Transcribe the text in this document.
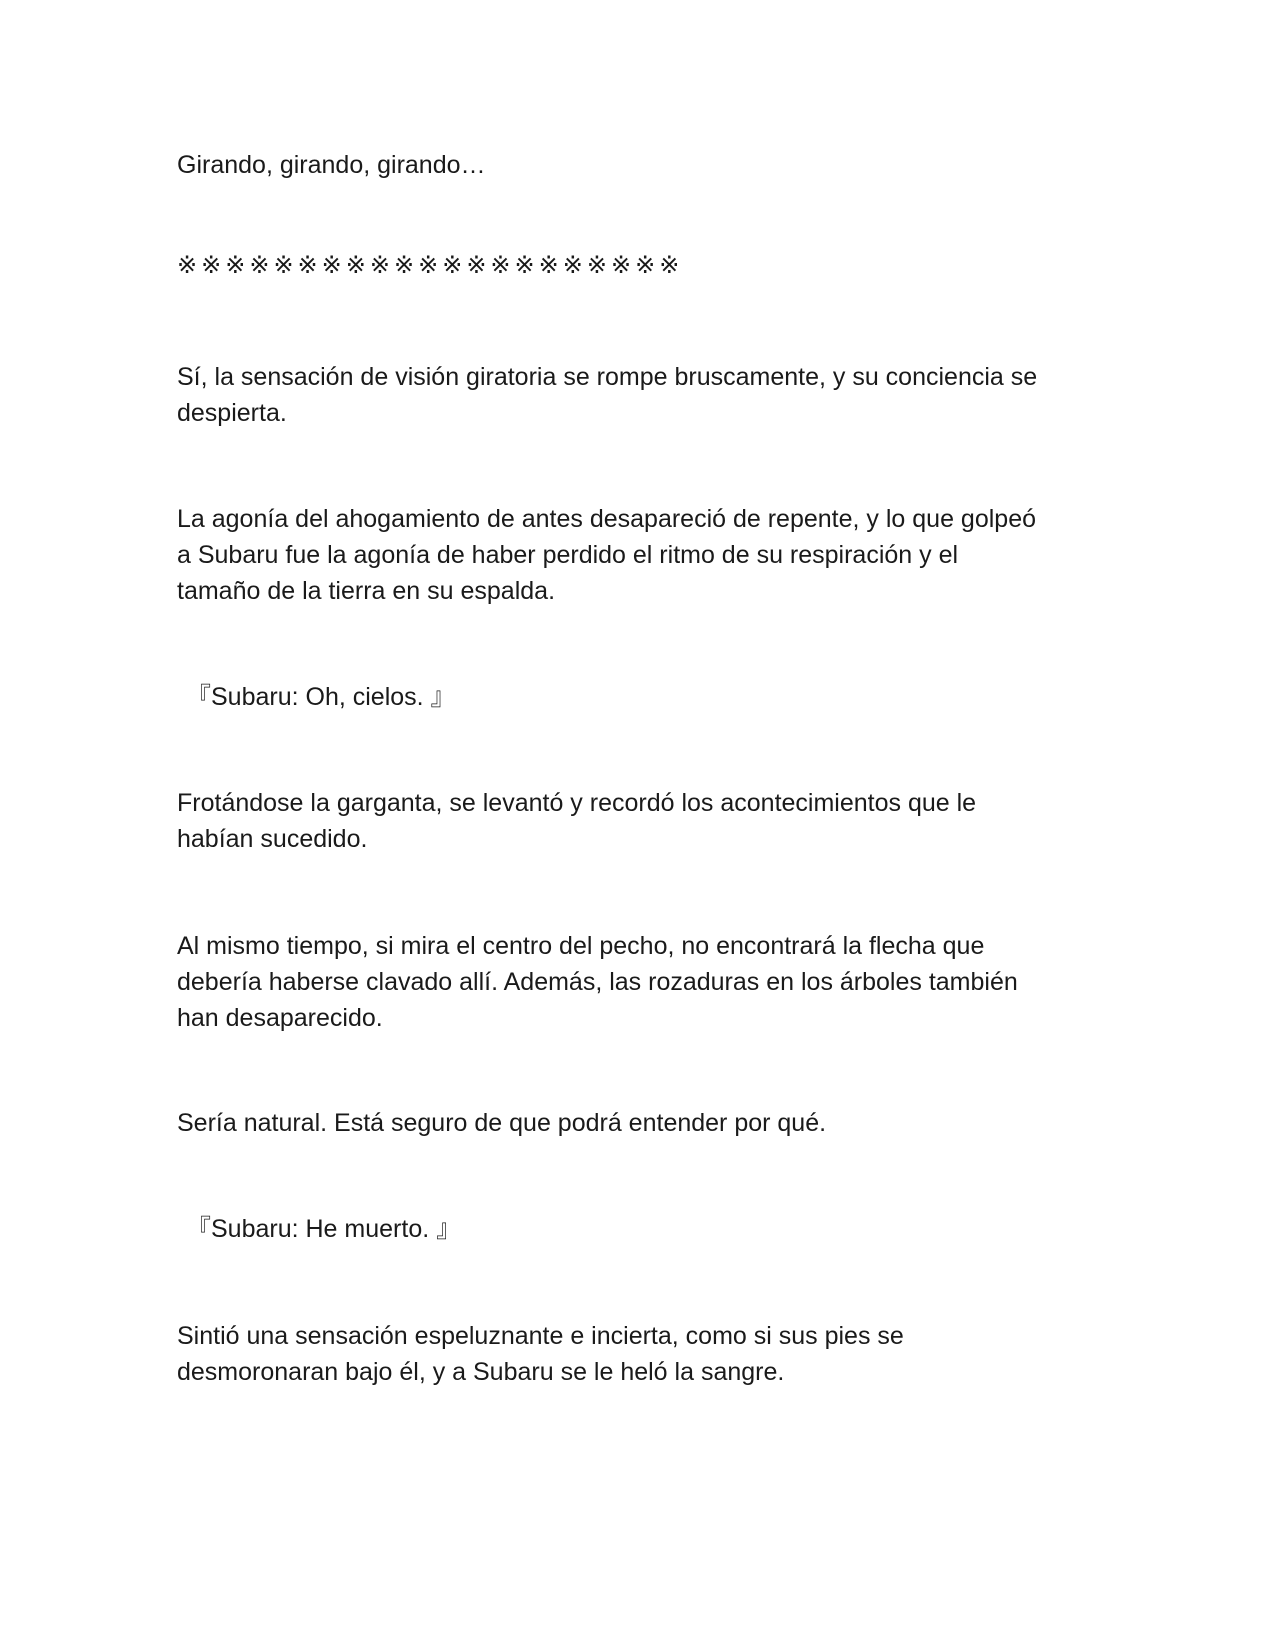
Girando, girando, girando…
※※※※※※※※※※※※※※※※※※※※※
Sí, la sensación de visión giratoria se rompe bruscamente, y su conciencia se
despierta.
La agonía del ahogamiento de antes desapareció de repente, y lo que golpeó
a Subaru fue la agonía de haber perdido el ritmo de su respiración y el
tamaño de la tierra en su espalda.
『Subaru: Oh, cielos. 』
Frotándose la garganta, se levantó y recordó los acontecimientos que le
habían sucedido.
Al mismo tiempo, si mira el centro del pecho, no encontrará la flecha que
debería haberse clavado allí. Además, las rozaduras en los árboles también
han desaparecido.
Sería natural. Está seguro de que podrá entender por qué.
『Subaru: He muerto. 』
Sintió una sensación espeluznante e incierta, como si sus pies se
desmoronaran bajo él, y a Subaru se le heló la sangre.
